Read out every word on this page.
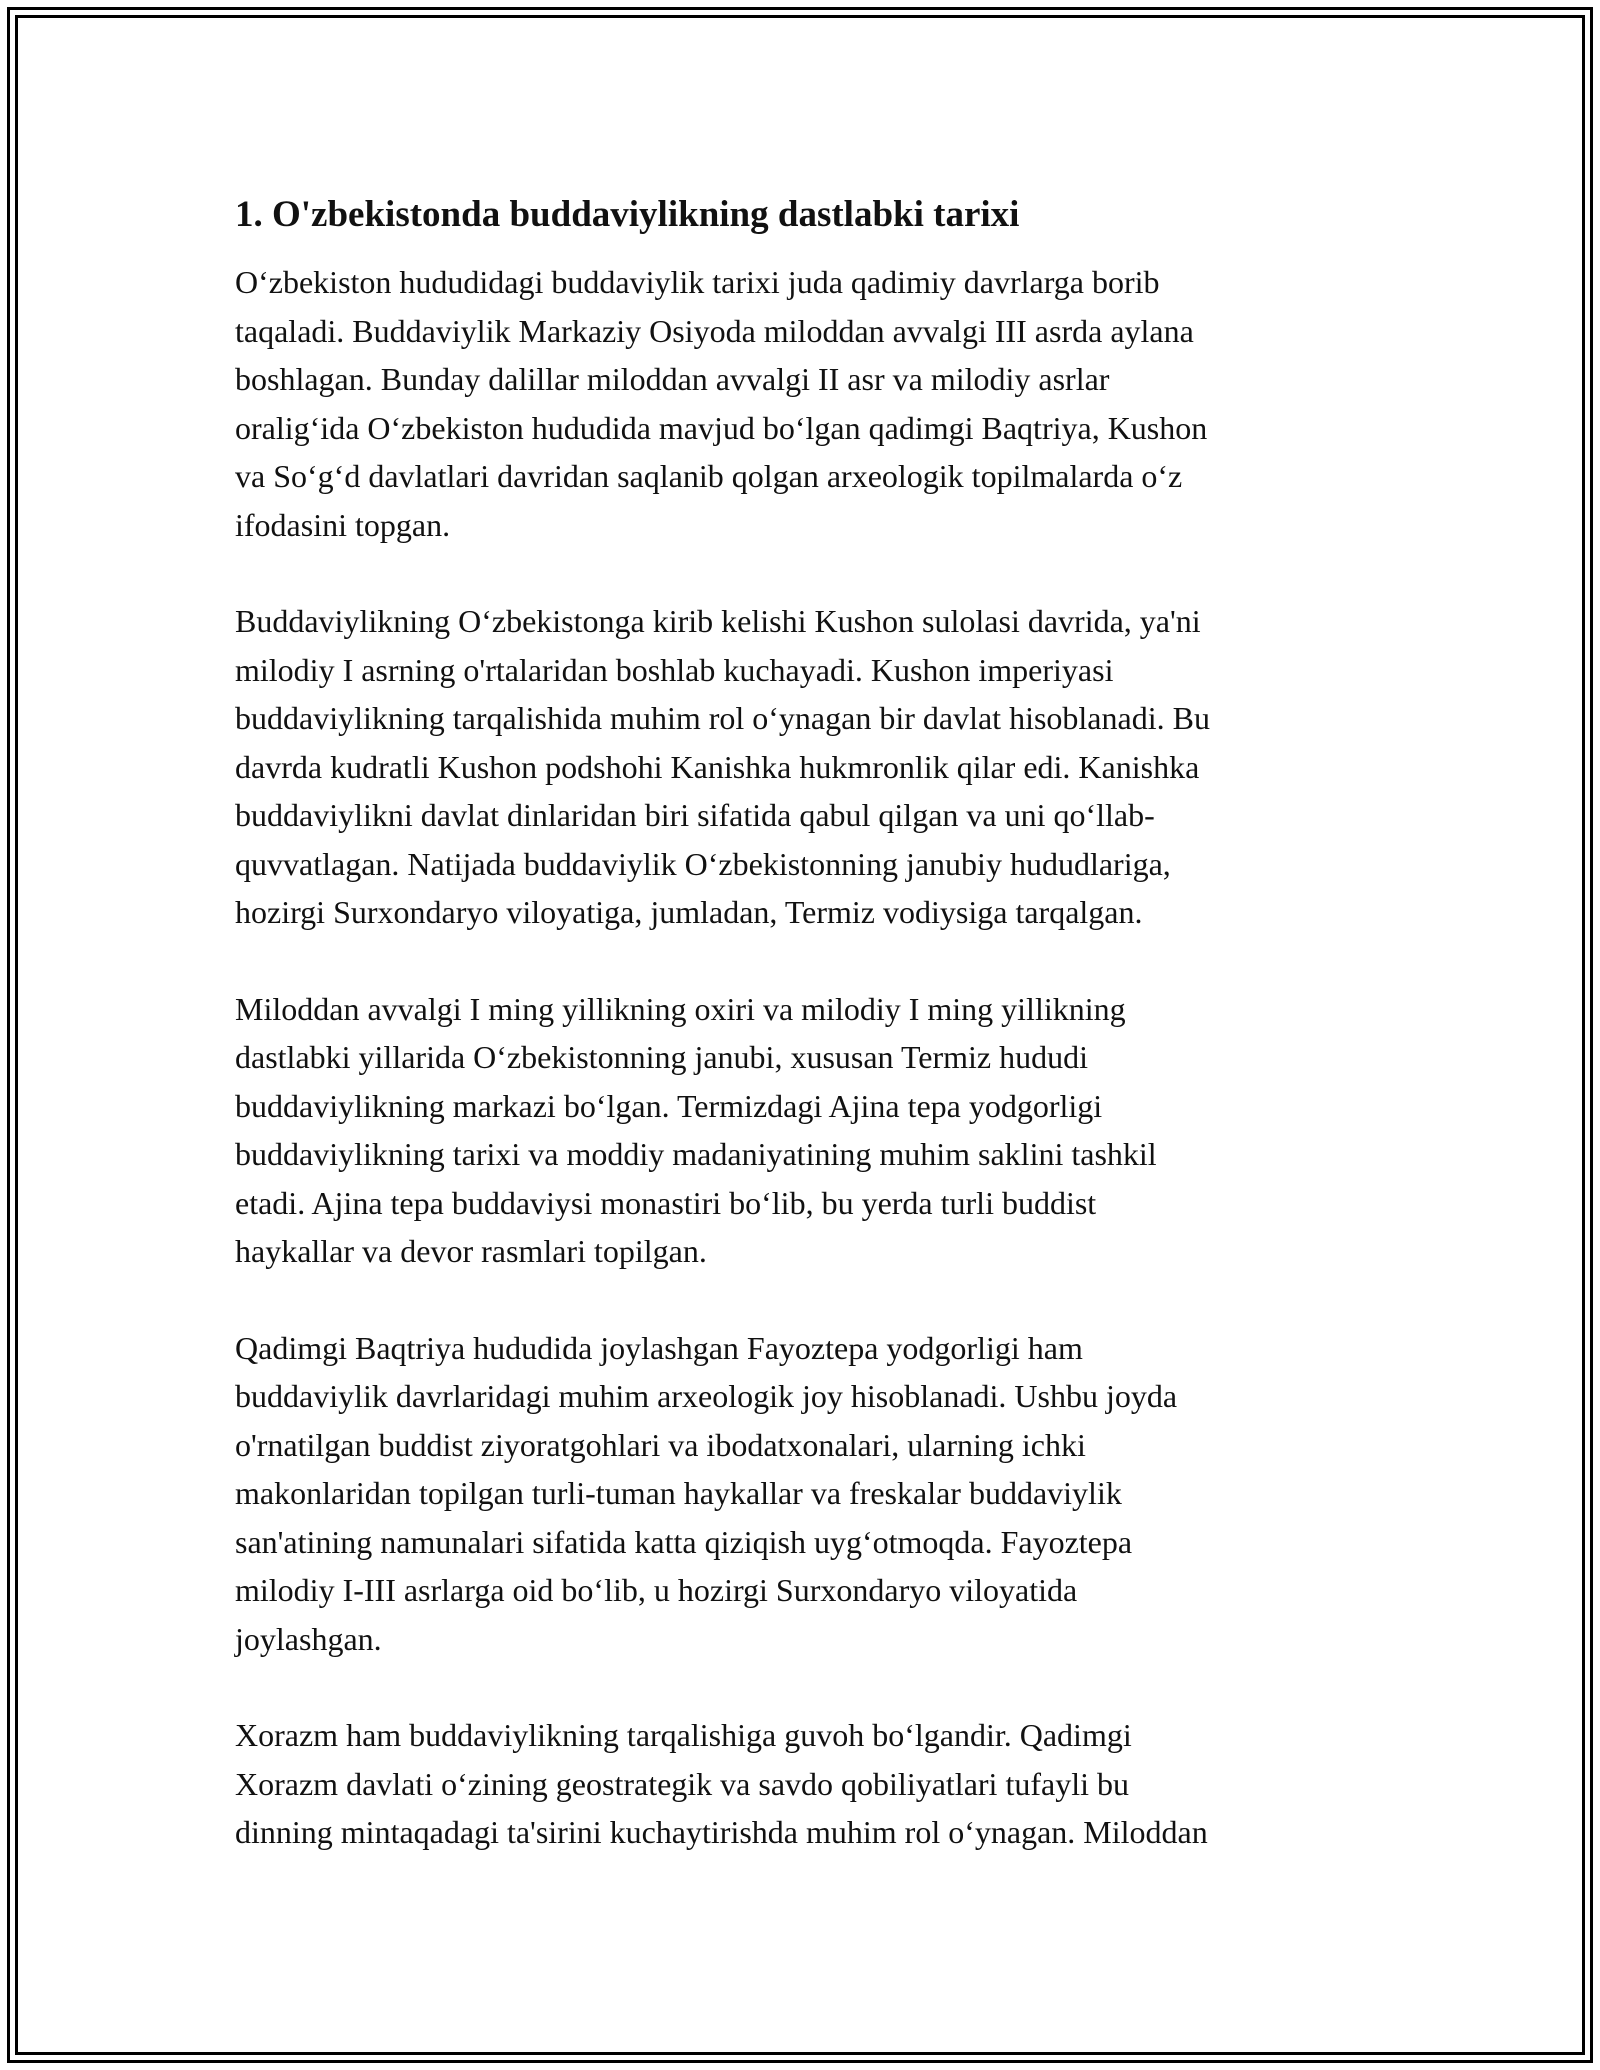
1. O'zbekistonda buddaviylikning dastlabki tarixi

O‘zbekiston hududidagi buddaviylik tarixi juda qadimiy davrlarga borib
taqaladi. Buddaviylik Markaziy Osiyoda miloddan avvalgi III asrda aylana
boshlagan. Bunday dalillar miloddan avvalgi II asr va milodiy asrlar
oralig‘ida O‘zbekiston hududida mavjud bo‘lgan qadimgi Baqtriya, Kushon
va So‘g‘d davlatlari davridan saqlanib qolgan arxeologik topilmalarda o‘z
ifodasini topgan.

Buddaviylikning O‘zbekistonga kirib kelishi Kushon sulolasi davrida, ya'ni
milodiy I asrning o'rtalaridan boshlab kuchayadi. Kushon imperiyasi
buddaviylikning tarqalishida muhim rol o‘ynagan bir davlat hisoblanadi. Bu
davrda kudratli Kushon podshohi Kanishka hukmronlik qilar edi. Kanishka
buddaviylikni davlat dinlaridan biri sifatida qabul qilgan va uni qo‘llab-
quvvatlagan. Natijada buddaviylik O‘zbekistonning janubiy hududlariga,
hozirgi Surxondaryo viloyatiga, jumladan, Termiz vodiysiga tarqalgan.

Miloddan avvalgi I ming yillikning oxiri va milodiy I ming yillikning
dastlabki yillarida O‘zbekistonning janubi, xususan Termiz hududi
buddaviylikning markazi bo‘lgan. Termizdagi Ajina tepa yodgorligi
buddaviylikning tarixi va moddiy madaniyatining muhim saklini tashkil
etadi. Ajina tepa buddaviysi monastiri bo‘lib, bu yerda turli buddist
haykallar va devor rasmlari topilgan.

Qadimgi Baqtriya hududida joylashgan Fayoztepa yodgorligi ham
buddaviylik davrlaridagi muhim arxeologik joy hisoblanadi. Ushbu joyda
o'rnatilgan buddist ziyoratgohlari va ibodatxonalari, ularning ichki
makonlaridan topilgan turli-tuman haykallar va freskalar buddaviylik
san'atining namunalari sifatida katta qiziqish uyg‘otmoqda. Fayoztepa
milodiy I-III asrlarga oid bo‘lib, u hozirgi Surxondaryo viloyatida
joylashgan.

Xorazm ham buddaviylikning tarqalishiga guvoh bo‘lgandir. Qadimgi
Xorazm davlati o‘zining geostrategik va savdo qobiliyatlari tufayli bu
dinning mintaqadagi ta'sirini kuchaytirishda muhim rol o‘ynagan. Miloddan
